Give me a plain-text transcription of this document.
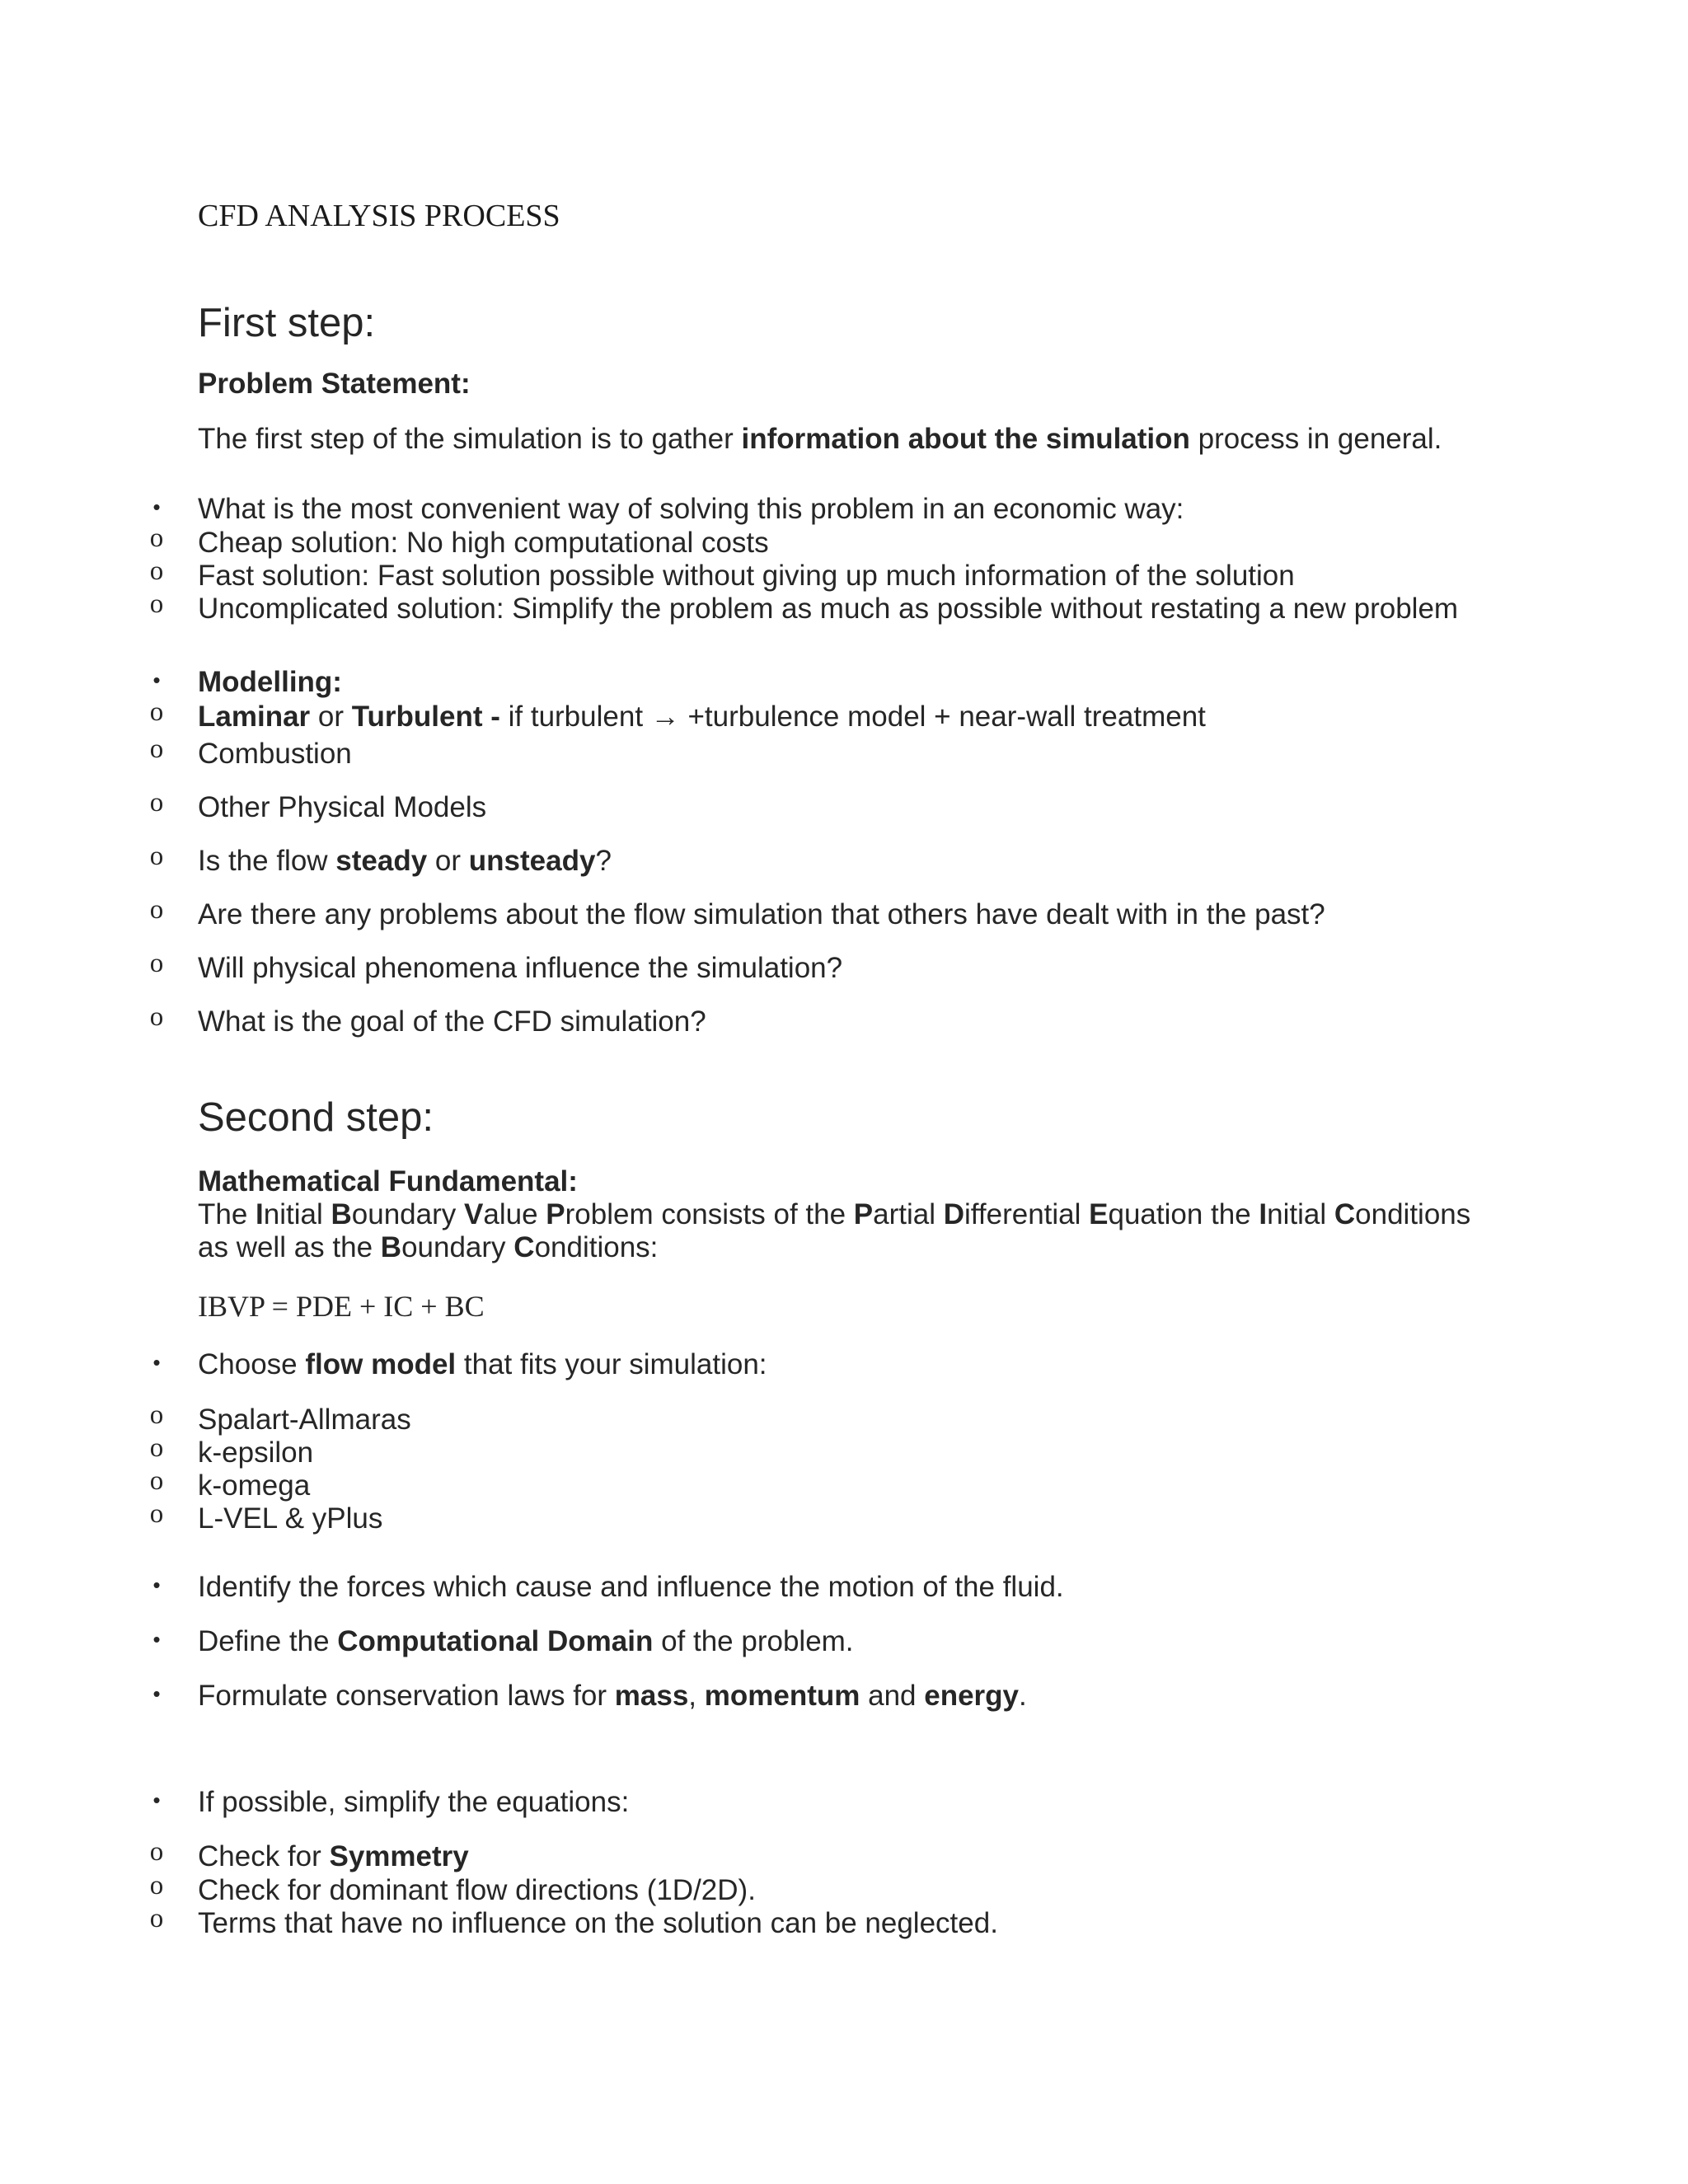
CFD ANALYSIS PROCESS
First step:
Problem Statement:
The first step of the simulation is to gather information about the simulation process in general.
• What is the most convenient way of solving this problem in an economic way:
o Cheap solution: No high computational costs
o Fast solution: Fast solution possible without giving up much information of the solution
o Uncomplicated solution: Simplify the problem as much as possible without restating a new problem
• Modelling:
o Laminar or Turbulent - if turbulent → +turbulence model + near-wall treatment
o Combustion
o Other Physical Models
o Is the flow steady or unsteady?
o Are there any problems about the flow simulation that others have dealt with in the past?
o Will physical phenomena influence the simulation?
o What is the goal of the CFD simulation?
Second step:
Mathematical Fundamental:
The Initial Boundary Value Problem consists of the Partial Differential Equation the Initial Conditions
as well as the Boundary Conditions:
IBVP = PDE + IC + BC
• Choose flow model that fits your simulation:
o Spalart-Allmaras
o k-epsilon
o k-omega
o L-VEL & yPlus
• Identify the forces which cause and influence the motion of the fluid.
• Define the Computational Domain of the problem.
• Formulate conservation laws for mass, momentum and energy.
• If possible, simplify the equations:
o Check for Symmetry
o Check for dominant flow directions (1D/2D).
o Terms that have no influence on the solution can be neglected.
